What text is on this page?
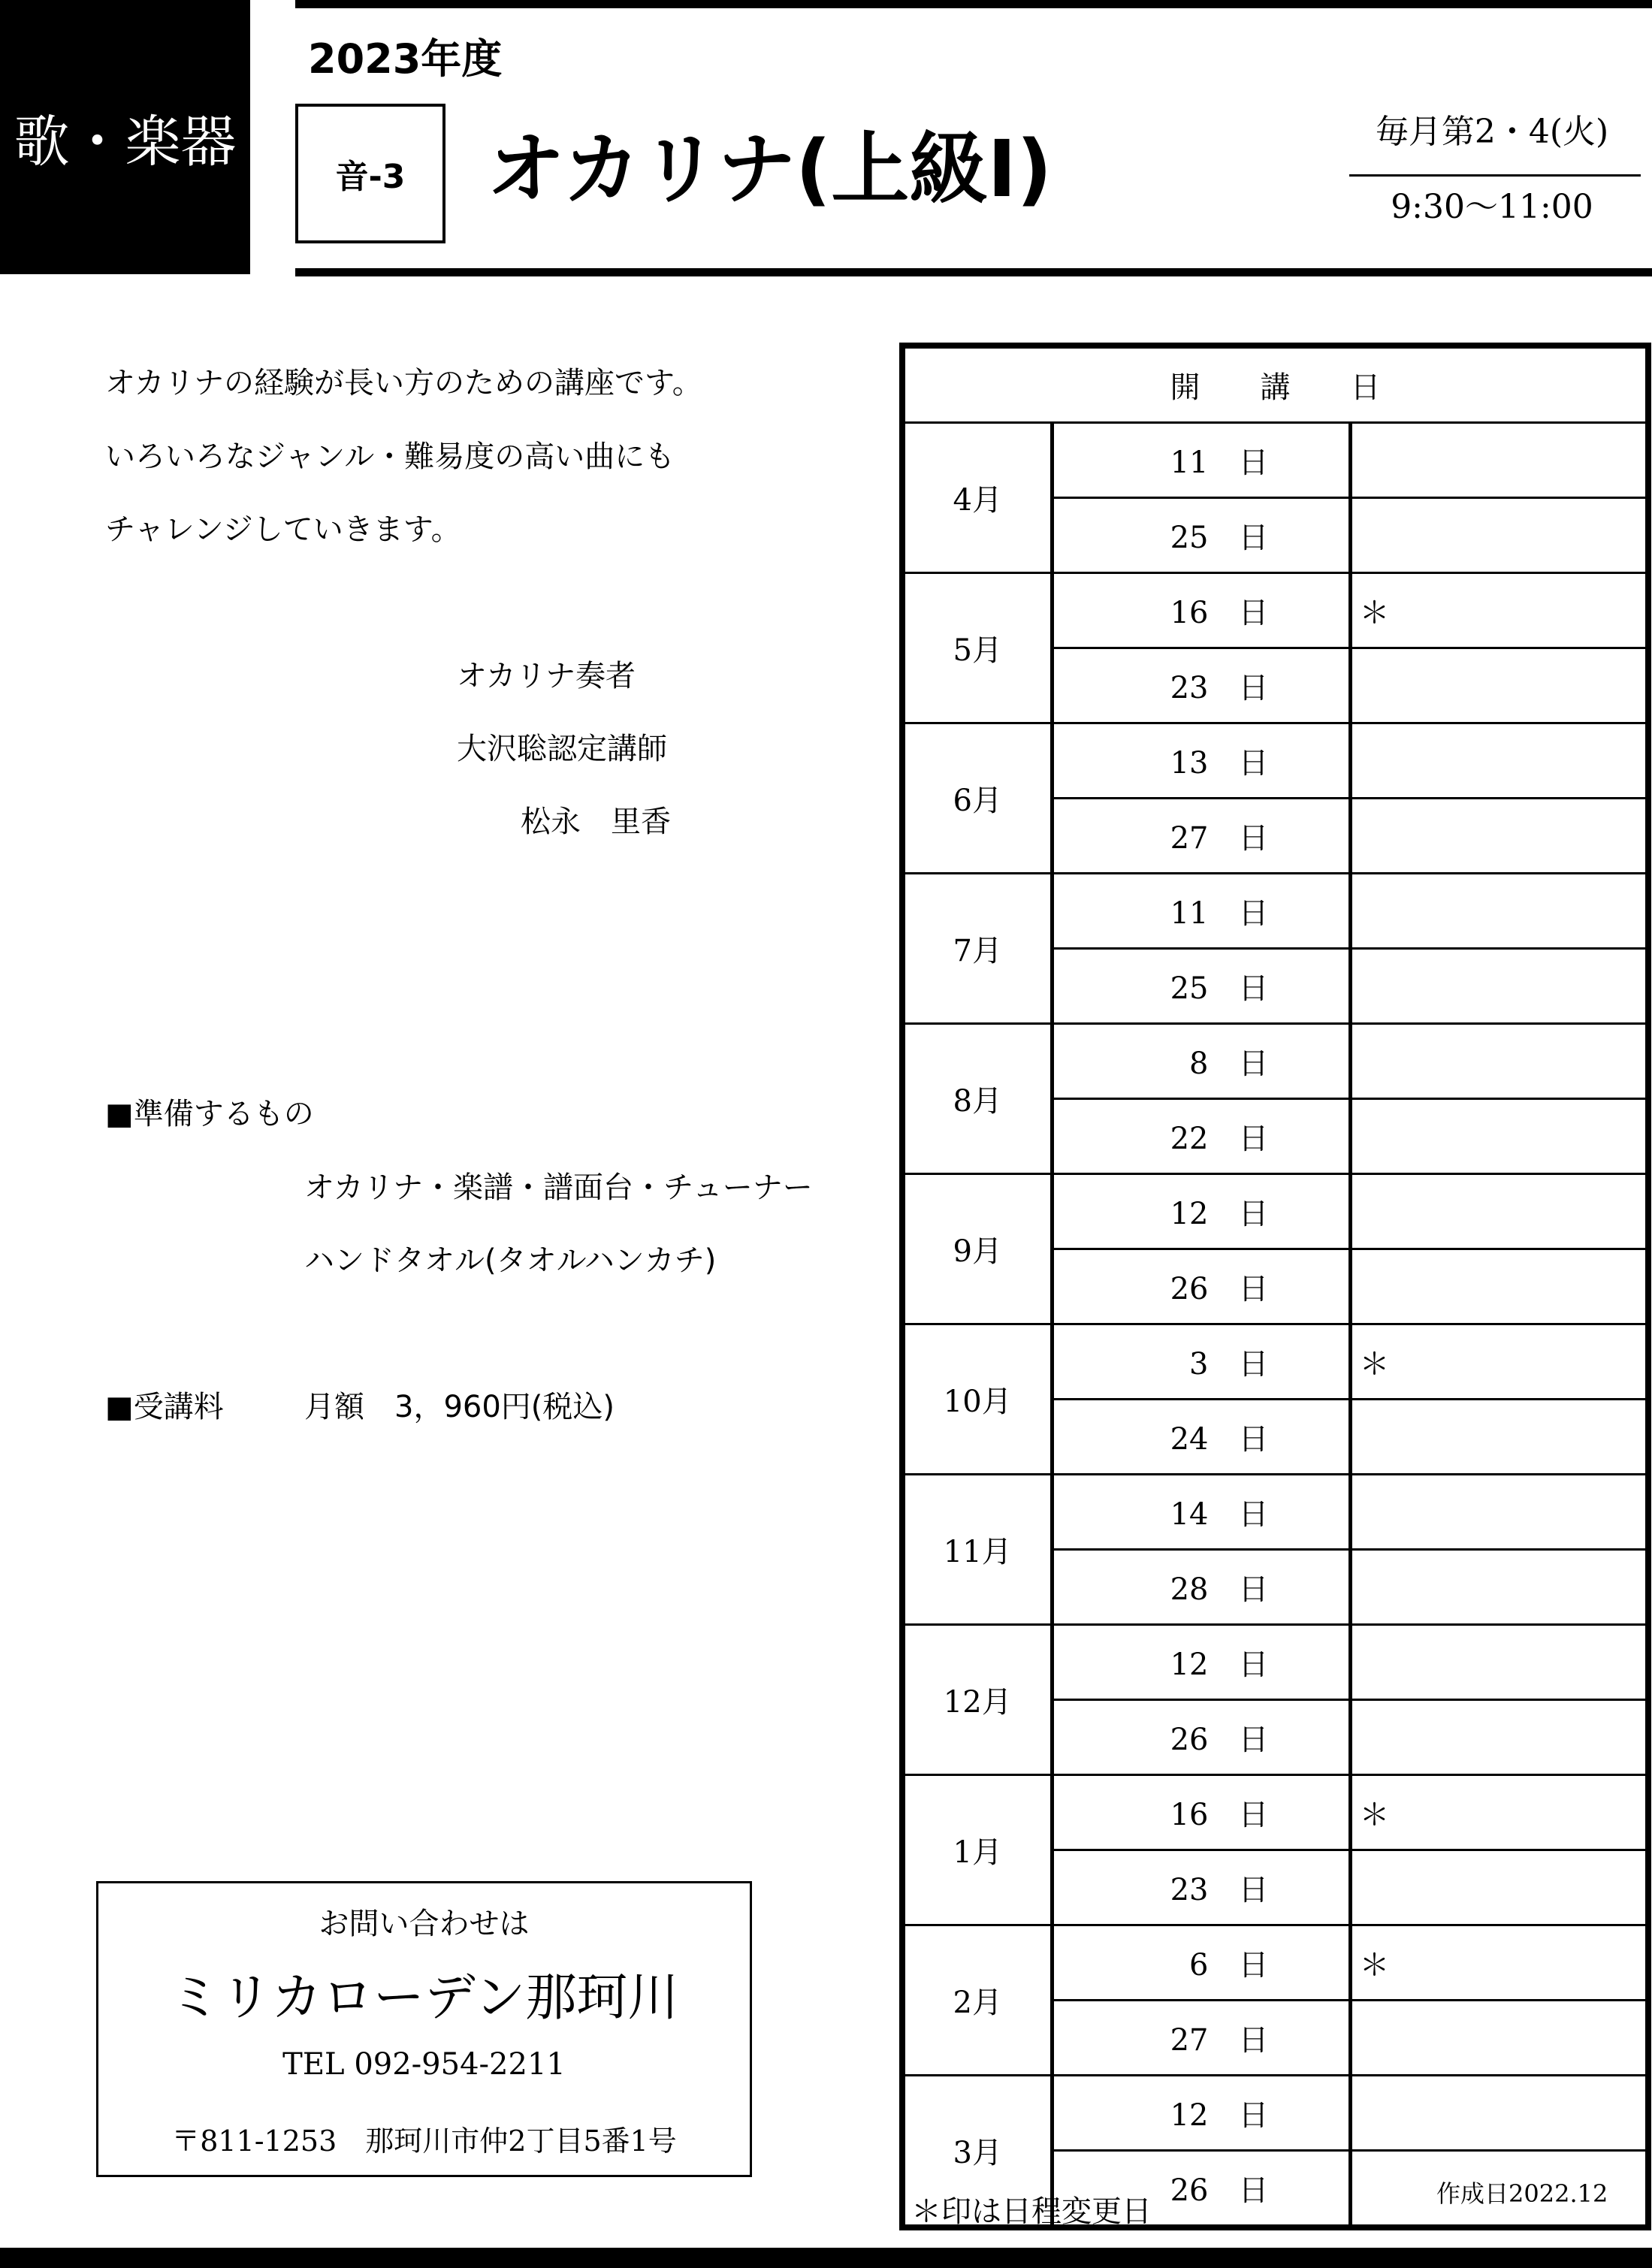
歌・楽器
2023年度
音-3	オカリナ(上級Ⅰ)	毎月第2・4(火)
9:30〜11:00
オカリナの経験が長い方のための講座です。
いろいろなジャンル・難易度の高い曲にも
チャレンジしていきます。
オカリナ奏者
大沢聡認定講師
松永　里香
■準備するもの
オカリナ・楽譜・譜面台・チューナー
ハンドタオル(タオルハンカチ)
■受講料	月額　3，960円(税込)
お問い合わせは
ミリカローデン那珂川
TEL 092-954-2211
〒811-1253　那珂川市仲2丁目5番1号
開　　講　　日		
4月	11 日	
	25 日	
5月	16 日	＊
	23 日	
6月	13 日	
	27 日	
7月	11 日	
	25 日	
8月	8 日	
	22 日	
9月	12 日	
	26 日	
10月	3 日	＊
	24 日	
11月	14 日	
	28 日	
12月	12 日	
	26 日	
1月	16 日	＊
	23 日	
2月	6 日	＊
	27 日	
3月	12 日	
	26 日	
＊印は日程変更日
作成日2022.12
